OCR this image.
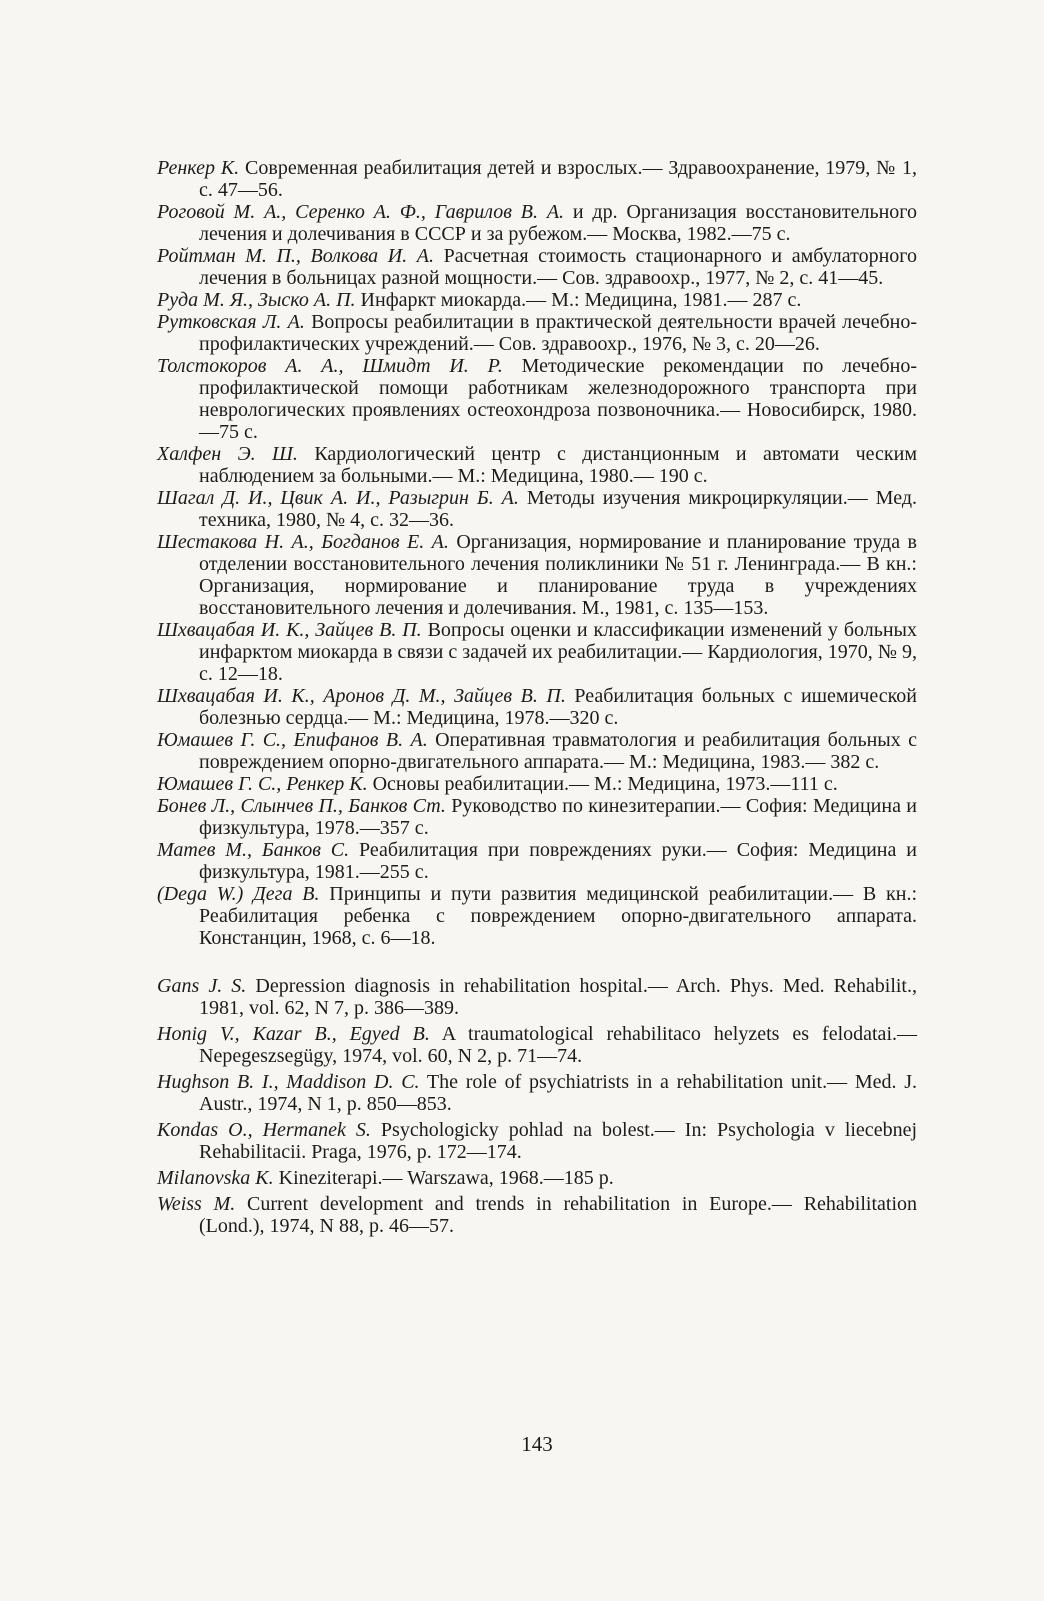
Ренкер К. Современная реабилитация детей и взрослых.— Здравоохранение, 1979, № 1, с. 47—56.

Роговой М. А., Серенко А. Ф., Гаврилов В. А. и др. Организация восстановительного лечения и долечивания в СССР и за рубежом.— Москва, 1982.—75 с.

Ройтман М. П., Волкова И. А. Расчетная стоимость стационарного и амбулаторного лечения в больницах разной мощности.— Сов. здравоохр., 1977, № 2, с. 41—45.

Руда М. Я., Зыско А. П. Инфаркт миокарда.— М.: Медицина, 1981.— 287 с.

Рутковская Л. А. Вопросы реабилитации в практической деятельности врачей лечебно-профилактических учреждений.— Сов. здравоохр., 1976, № 3, с. 20—26.

Толстокоров А. А., Шмидт И. Р. Методические рекомендации по лечебно-профилактической помощи работникам железнодорожного транспорта при неврологических проявлениях остеохондроза позвоночника.— Новосибирск, 1980.—75 с.

Халфен Э. Ш. Кардиологический центр с дистанционным и автомати ческим наблюдением за больными.— М.: Медицина, 1980.— 190 с.

Шагал Д. И., Цвик А. И., Разыгрин Б. А. Методы изучения микроциркуляции.— Мед. техника, 1980, № 4, с. 32—36.

Шестакова Н. А., Богданов Е. А. Организация, нормирование и планирование труда в отделении восстановительного лечения поликлиники № 51 г. Ленинграда.— В кн.: Организация, нормирование и планирование труда в учреждениях восстановительного лечения и долечивания. М., 1981, с. 135—153.

Шхвацабая И. К., Зайцев В. П. Вопросы оценки и классификации изменений у больных инфарктом миокарда в связи с задачей их реабилитации.— Кардиология, 1970, № 9, с. 12—18.

Шхвацабая И. К., Аронов Д. М., Зайцев В. П. Реабилитация больных с ишемической болезнью сердца.— М.: Медицина, 1978.—320 с.

Юмашев Г. С., Епифанов В. А. Оперативная травматология и реабилитация больных с повреждением опорно-двигательного аппарата.— М.: Медицина, 1983.— 382 с.

Юмашев Г. С., Ренкер К. Основы реабилитации.— М.: Медицина, 1973.—111 с.

Бонев Л., Слынчев П., Банков Ст. Руководство по кинезитерапии.— София: Медицина и физкультура, 1978.—357 с.

Матев М., Банков С. Реабилитация при повреждениях руки.— София: Медицина и физкультура, 1981.—255 с.

(Dega W.) Дега В. Принципы и пути развития медицинской реабилитации.— В кн.: Реабилитация ребенка с повреждением опорно-двигательного аппарата. Констанцин, 1968, с. 6—18.

Gans J. S. Depression diagnosis in rehabilitation hospital.— Arch. Phys. Med. Rehabilit., 1981, vol. 62, N 7, p. 386—389.

Honig V., Kazar B., Egyed B. A traumatological rehabilitaco helyzets es felodatai.— Nepegeszsegügy, 1974, vol. 60, N 2, p. 71—74.

Hughson B. I., Maddison D. C. The role of psychiatrists in a rehabilitation unit.— Med. J. Austr., 1974, N 1, p. 850—853.

Kondas O., Hermanek S. Psychologicky pohlad na bolest.— In: Psychologia v liecebnej Rehabilitacii. Praga, 1976, p. 172—174.

Milanovska K. Kineziterapi.— Warszawa, 1968.—185 p.

Weiss M. Current development and trends in rehabilitation in Europe.— Rehabilitation (Lond.), 1974, N 88, p. 46—57.

143
